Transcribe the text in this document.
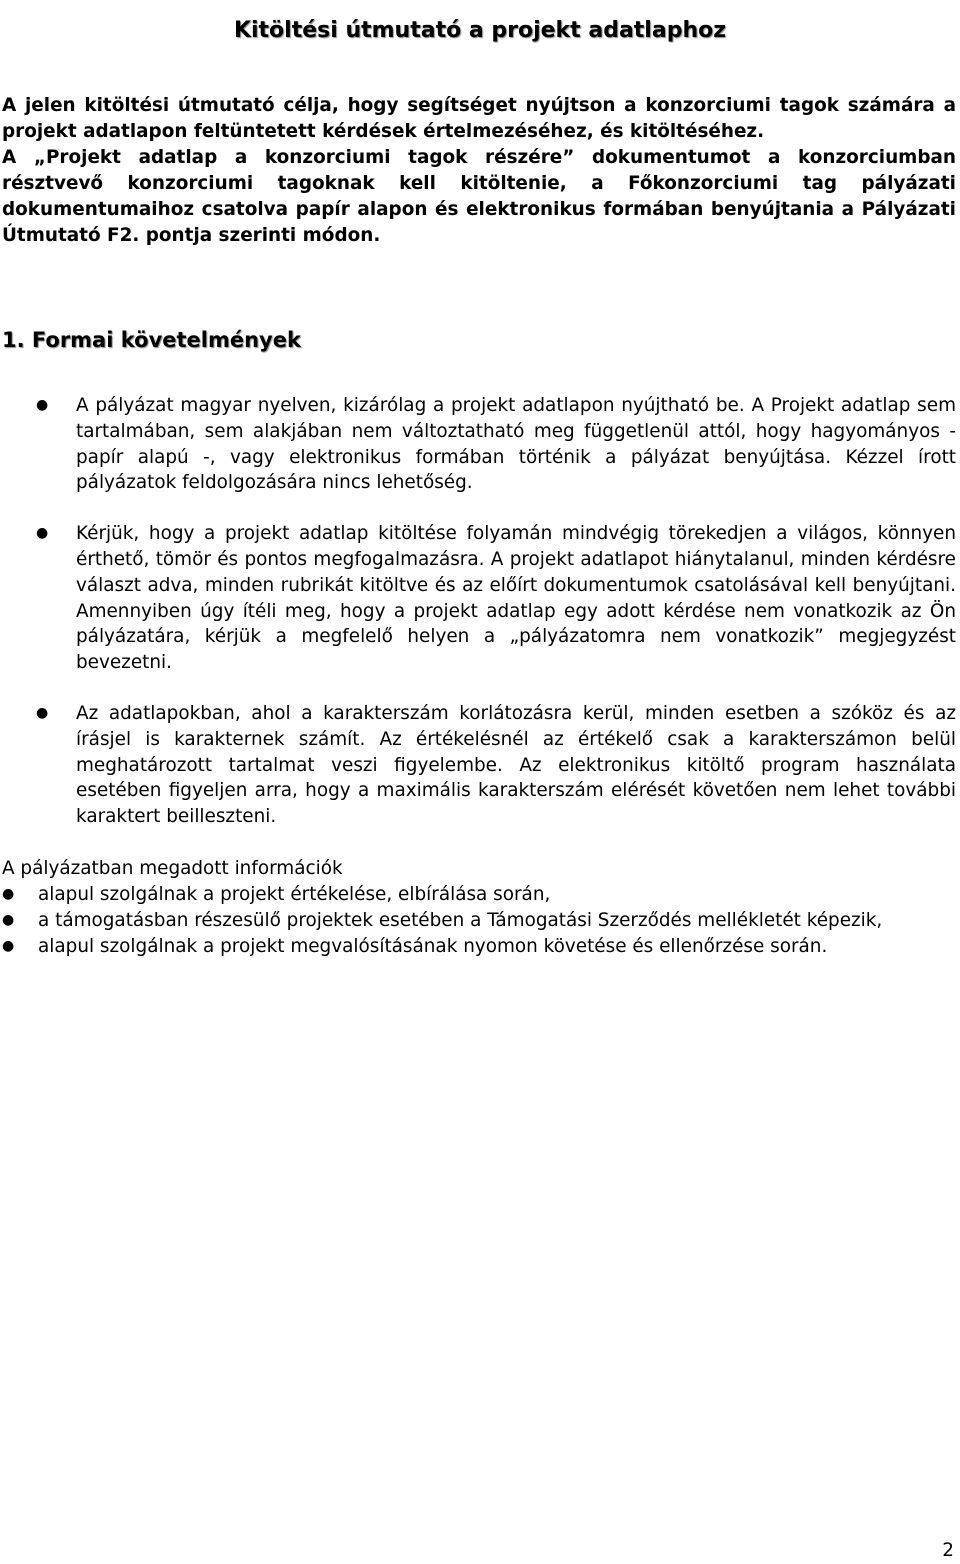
Kitöltési útmutató a projekt adatlaphoz

A jelen kitöltési útmutató célja, hogy segítséget nyújtson a konzorciumi tagok számára a projekt adatlapon feltüntetett kérdések értelmezéséhez, és kitöltéséhez.

A „Projekt adatlap a konzorciumi tagok részére” dokumentumot a konzorciumban résztvevő konzorciumi tagoknak kell kitöltenie, a Főkonzorciumi tag pályázati dokumentumaihoz csatolva papír alapon és elektronikus formában benyújtania a Pályázati Útmutató F2. pontja szerinti módon.

1. Formai követelmények
● A pályázat magyar nyelven, kizárólag a projekt adatlapon nyújtható be. A Projekt adatlap sem tartalmában, sem alakjában nem változtatható meg függetlenül attól, hogy hagyományos - papír alapú -, vagy elektronikus formában történik a pályázat benyújtása. Kézzel írott pályázatok feldolgozására nincs lehetőség.
● Kérjük, hogy a projekt adatlap kitöltése folyamán mindvégig törekedjen a világos, könnyen érthető, tömör és pontos megfogalmazásra. A projekt adatlapot hiánytalanul, minden kérdésre választ adva, minden rubrikát kitöltve és az előírt dokumentumok csatolásával kell benyújtani. Amennyiben úgy ítéli meg, hogy a projekt adatlap egy adott kérdése nem vonatkozik az Ön pályázatára, kérjük a megfelelő helyen a „pályázatomra nem vonatkozik” megjegyzést bevezetni.
● Az adatlapokban, ahol a karakterszám korlátozásra kerül, minden esetben a szóköz és az írásjel is karakternek számít. Az értékelésnél az értékelő csak a karakterszámon belül meghatározott tartalmat veszi figyelembe. Az elektronikus kitöltő program használata esetében figyeljen arra, hogy a maximális karakterszám elérését követően nem lehet további karaktert beilleszteni.

A pályázatban megadott információk

● alapul szolgálnak a projekt értékelése, elbírálása során,
● a támogatásban részesülő projektek esetében a Támogatási Szerződés mellékletét képezik,
● alapul szolgálnak a projekt megvalósításának nyomon követése és ellenőrzése során.
2
